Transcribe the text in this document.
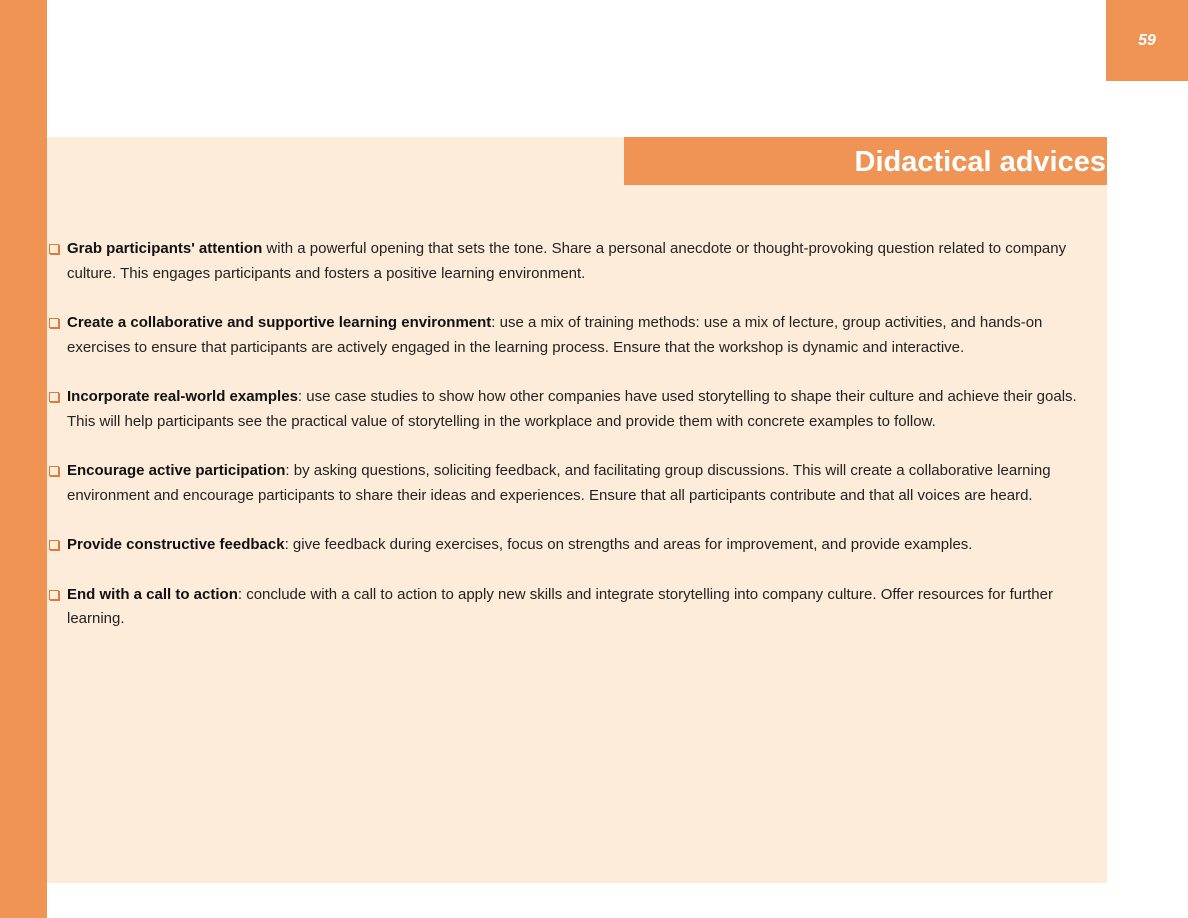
59
Didactical advices
Grab participants' attention with a powerful opening that sets the tone. Share a personal anecdote or thought-provoking question related to company culture. This engages participants and fosters a positive learning environment.
Create a collaborative and supportive learning environment: use a mix of training methods: use a mix of lecture, group activities, and hands-on exercises to ensure that participants are actively engaged in the learning process. Ensure that the workshop is dynamic and interactive.
Incorporate real-world examples: use case studies to show how other companies have used storytelling to shape their culture and achieve their goals. This will help participants see the practical value of storytelling in the workplace and provide them with concrete examples to follow.
Encourage active participation: by asking questions, soliciting feedback, and facilitating group discussions. This will create a collaborative learning environment and encourage participants to share their ideas and experiences. Ensure that all participants contribute and that all voices are heard.
Provide constructive feedback: give feedback during exercises, focus on strengths and areas for improvement, and provide examples.
End with a call to action: conclude with a call to action to apply new skills and integrate storytelling into company culture. Offer resources for further learning.
